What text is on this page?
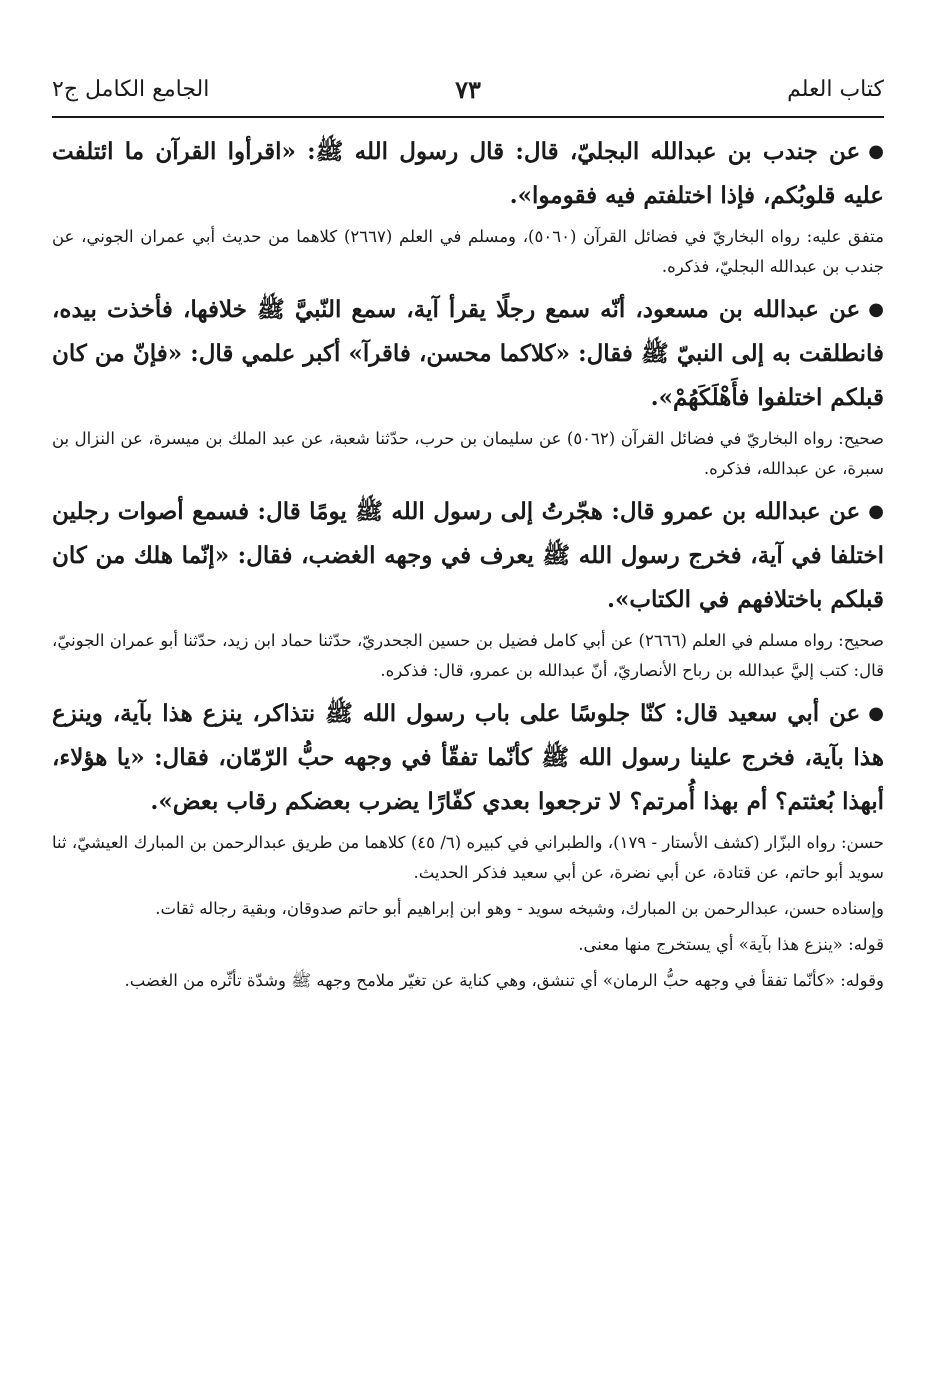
كتاب العلم
٧٣
الجامع الكامل ج٢

●عن جندب بن عبدالله البجليّ، قال: قال رسول الله ﷺ: «اقرأوا القرآن ما ائتلفت عليه قلوبُكم، فإذا اختلفتم فيه فقوموا».

متفق عليه: رواه البخاريّ في فضائل القرآن (٥٠٦٠)، ومسلم في العلم (٢٦٦٧) كلاهما من حديث أبي عمران الجوني، عن جندب بن عبدالله البجليّ، فذكره.

●عن عبدالله بن مسعود، أنّه سمع رجلًا يقرأ آية، سمع النّبيَّ ﷺ خلافها، فأخذت بيده، فانطلقت به إلى النبيّ ﷺ فقال: «كلاكما محسن، فاقرآ» أكبر علمي قال: «فإنّ من كان قبلكم اختلفوا فأَهْلَكَهُمْ».

صحيح: رواه البخاريّ في فضائل القرآن (٥٠٦٢) عن سليمان بن حرب، حدّثنا شعبة، عن عبد الملك بن ميسرة، عن النزال بن سبرة، عن عبدالله، فذكره.

●عن عبدالله بن عمرو قال: هجّرتُ إلى رسول الله ﷺ يومًا قال: فسمع أصوات رجلين اختلفا في آية، فخرج رسول الله ﷺ يعرف في وجهه الغضب، فقال: «إنّما هلك من كان قبلكم باختلافهم في الكتاب».

صحيح: رواه مسلم في العلم (٢٦٦٦) عن أبي كامل فضيل بن حسين الجحدريّ، حدّثنا حماد ابن زيد، حدّثنا أبو عمران الجونيّ، قال: كتب إليَّ عبدالله بن رباح الأنصاريّ، أنّ عبدالله بن عمرو، قال: فذكره.

●عن أبي سعيد قال: كنّا جلوسًا على باب رسول الله ﷺ نتذاكر، ينزع هذا بآية، وينزع هذا بآية، فخرج علينا رسول الله ﷺ كأنّما تفقّأ في وجهه حبُّ الرّمّان، فقال: «يا هؤلاء، أبهذا بُعثتم؟ أم بهذا أُمرتم؟ لا ترجعوا بعدي كفّارًا يضرب بعضكم رقاب بعض».

حسن: رواه البزّار (كشف الأستار - ١٧٩)، والطبراني في كبيره (٦/ ٤٥) كلاهما من طريق عبدالرحمن بن المبارك العيشيّ، ثنا سويد أبو حاتم، عن قتادة، عن أبي نضرة، عن أبي سعيد فذكر الحديث.

وإسناده حسن، عبدالرحمن بن المبارك، وشيخه سويد - وهو ابن إبراهيم أبو حاتم صدوقان، وبقية رجاله ثقات.

قوله: «ينزع هذا بآية» أي يستخرج منها معنى.

وقوله: «كأنّما تفقأ في وجهه حبُّ الرمان» أي تنشق، وهي كناية عن تغيّر ملامح وجهه ﷺ وشدّة تأثّره من الغضب.
